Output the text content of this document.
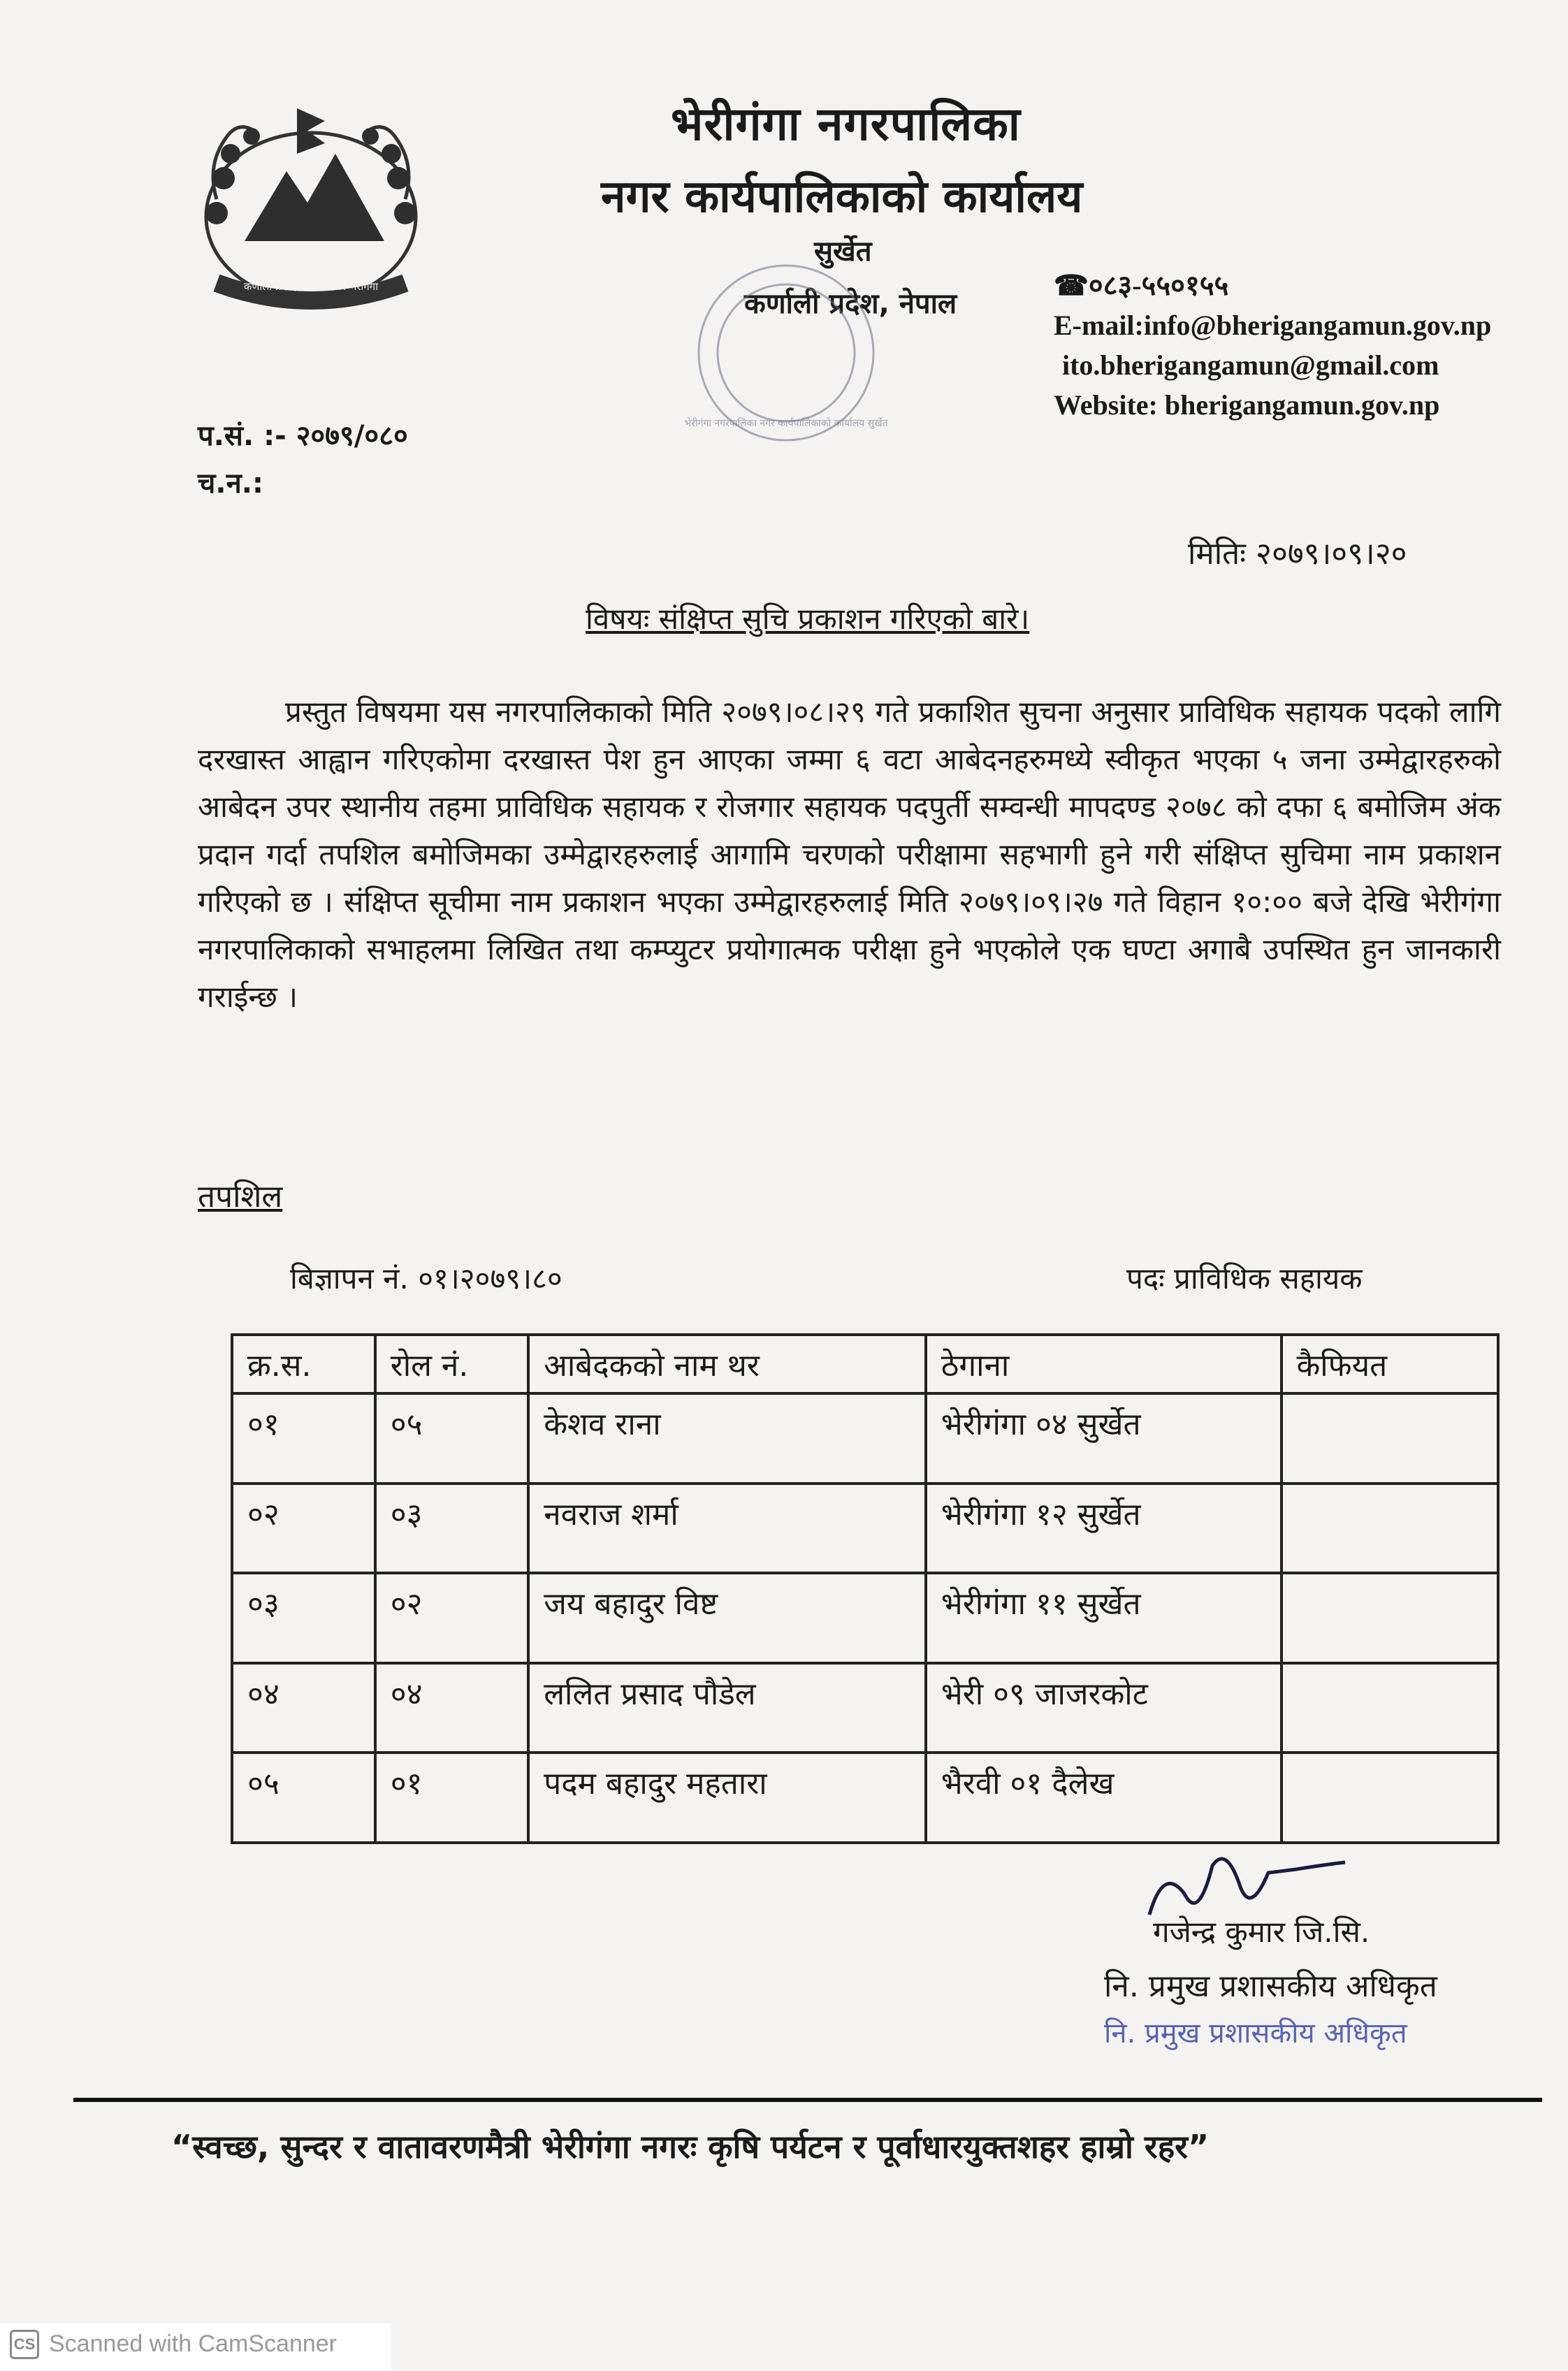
कर्णाली प्रदेश, नगरपालिका भेरीगंगा
भेरीगंगा नगरपालिका
नगर कार्यपालिकाको कार्यालय
सुर्खेत
कर्णाली प्रदेश, नेपाल
भेरीगंगा नगरपालिका नगर कार्यपालिकाको कार्यालय सुर्खेत
☎०८३-५५०१५५
E-mail:info@bherigangamun.gov.np
ito.bherigangamun@gmail.com
Website: bherigangamun.gov.np
प.सं. :- २०७९/०८०
च.न.:
मितिः २०७९।०९।२०
विषयः संक्षिप्त सुचि प्रकाशन गरिएको बारे।
प्रस्तुत विषयमा यस नगरपालिकाको मिति २०७९।०८।२९ गते प्रकाशित सुचना अनुसार प्राविधिक सहायक पदको लागि दरखास्त आह्वान गरिएकोमा दरखास्त पेश हुन आएका जम्मा ६ वटा आबेदनहरुमध्ये स्वीकृत भएका ५ जना उम्मेद्वारहरुको आबेदन उपर स्थानीय तहमा प्राविधिक सहायक र रोजगार सहायक पदपुर्ती सम्वन्धी मापदण्ड २०७८ को दफा ६ बमोजिम अंक प्रदान गर्दा तपशिल बमोजिमका उम्मेद्वारहरुलाई आगामि चरणको परीक्षामा सहभागी हुने गरी संक्षिप्त सुचिमा नाम प्रकाशन गरिएको छ । संक्षिप्त सूचीमा नाम प्रकाशन भएका उम्मेद्वारहरुलाई मिति २०७९।०९।२७ गते विहान १०:०० बजे देखि भेरीगंगा नगरपालिकाको सभाहलमा लिखित तथा कम्प्युटर प्रयोगात्मक परीक्षा हुने भएकोले एक घण्टा अगाबै उपस्थित हुन जानकारी गराईन्छ ।
तपशिल
बिज्ञापन नं. ०१।२०७९।८०	पदः प्राविधिक सहायक
क्र.स.	रोल नं.	आबेदकको नाम थर	ठेगाना	कैफियत
०१	०५	केशव राना	भेरीगंगा ०४ सुर्खेत	
०२	०३	नवराज शर्मा	भेरीगंगा १२ सुर्खेत	
०३	०२	जय बहादुर विष्ट	भेरीगंगा ११ सुर्खेत	
०४	०४	ललित प्रसाद पौडेल	भेरी ०९ जाजरकोट	
०५	०१	पदम बहादुर महतारा	भैरवी ०१ दैलेख	
गजेन्द्र कुमार जि.सि.
नि. प्रमुख प्रशासकीय अधिकृत
नि. प्रमुख प्रशासकीय अधिकृत
“स्वच्छ, सुन्दर र वातावरणमैत्री भेरीगंगा नगरः कृषि पर्यटन र पूर्वाधारयुक्तशहर हाम्रो रहर”
CS Scanned with CamScanner
